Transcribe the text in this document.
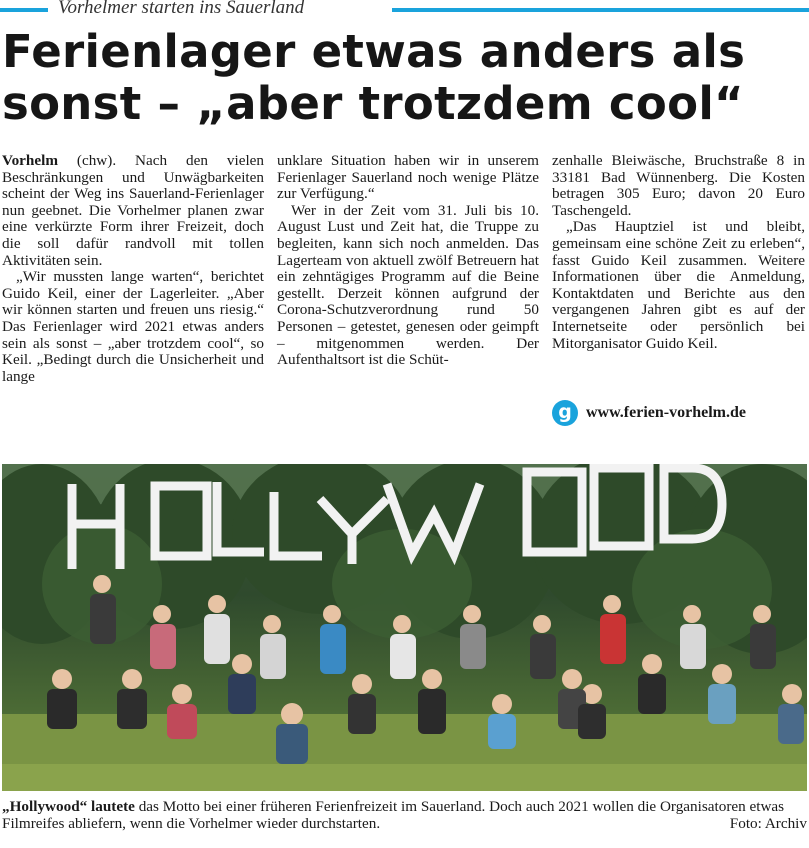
Vorhelmer starten ins Sauerland
Ferienlager etwas anders als
sonst – „aber trotzdem cool“

Vorhelm (chw). Nach den vielen Beschränkungen und Unwägbarkeiten scheint der Weg ins Sauerland-Ferienlager nun geebnet. Die Vorhelmer planen zwar eine verkürzte Form ihrer Freizeit, doch die soll dafür randvoll mit tollen Aktivitäten sein.

„Wir mussten lange warten“, berichtet Guido Keil, einer der Lagerleiter. „Aber wir können starten und freuen uns riesig.“ Das Ferienlager wird 2021 etwas anders sein als sonst – „aber trotzdem cool“, so Keil. „Bedingt durch die Unsicherheit und lange

unklare Situation haben wir in unserem Ferienlager Sauerland noch wenige Plätze zur Verfügung.“

Wer in der Zeit vom 31. Juli bis 10. August Lust und Zeit hat, die Truppe zu begleiten, kann sich noch anmelden. Das Lagerteam von aktuell zwölf Betreuern hat ein zehntägiges Programm auf die Beine gestellt. Derzeit können aufgrund der Corona-Schutzverordnung rund 50 Personen – getestet, genesen oder geimpft – mitgenommen werden. Der Aufenthaltsort ist die Schüt-

zenhalle Bleiwäsche, Bruchstraße 8 in 33181 Bad Wünnenberg. Die Kosten betragen 305 Euro; davon 20 Euro Taschengeld.

„Das Hauptziel ist und bleibt, gemeinsam eine schöne Zeit zu erleben“, fasst Guido Keil zusammen. Weitere Informationen über die Anmeldung, Kontaktdaten und Berichte aus den vergangenen Jahren gibt es auf der Internetseite oder persönlich bei Mitorganisator Guido Keil.

g www.ferien-vorhelm.de
„Hollywood“ lautete das Motto bei einer früheren Ferienfreizeit im Sauerland. Doch auch 2021 wollen die Organisatoren etwas Filmreifes abliefern, wenn die Vorhelmer wieder durchstarten.	Foto: Archiv
